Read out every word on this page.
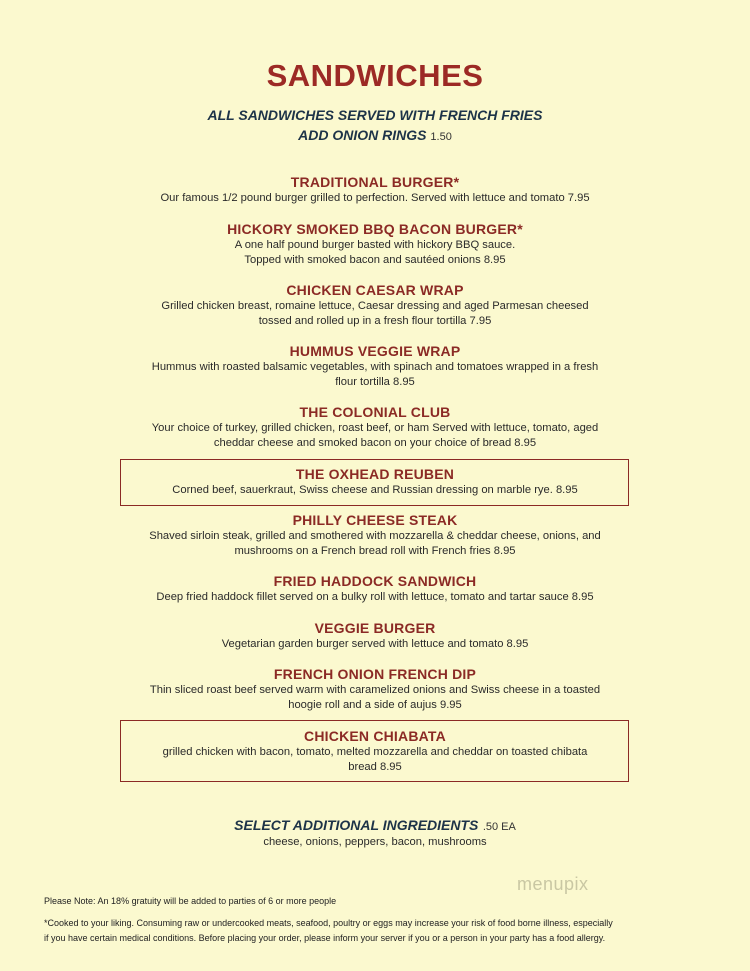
SANDWICHES
ALL SANDWICHES SERVED WITH FRENCH FRIES
ADD ONION RINGS 1.50
TRADITIONAL BURGER*
Our famous 1/2 pound burger grilled to perfection. Served with lettuce and tomato 7.95
HICKORY SMOKED BBQ BACON BURGER*
A one half pound burger basted with hickory BBQ sauce.
Topped with smoked bacon and sautéed onions 8.95
CHICKEN CAESAR WRAP
Grilled chicken breast, romaine lettuce, Caesar dressing and aged Parmesan cheesed
tossed and rolled up in a fresh flour tortilla 7.95
HUMMUS VEGGIE WRAP
Hummus with roasted balsamic vegetables, with spinach and tomatoes wrapped in a fresh
flour tortilla 8.95
THE COLONIAL CLUB
Your choice of turkey, grilled chicken, roast beef, or ham Served with lettuce, tomato, aged
cheddar cheese and smoked bacon on your choice of bread 8.95
THE OXHEAD REUBEN
Corned beef, sauerkraut, Swiss cheese and Russian dressing on marble rye. 8.95
PHILLY CHEESE STEAK
Shaved sirloin steak, grilled and smothered with mozzarella & cheddar cheese, onions, and
mushrooms on a French bread roll with French fries 8.95
FRIED HADDOCK SANDWICH
Deep fried haddock fillet served on a bulky roll with lettuce, tomato and tartar sauce 8.95
VEGGIE BURGER
Vegetarian garden burger served with lettuce and tomato 8.95
FRENCH ONION FRENCH DIP
Thin sliced roast beef served warm with caramelized onions and Swiss cheese in a toasted
hoogie roll and a side of aujus 9.95
CHICKEN CHIABATA
grilled chicken with bacon, tomato, melted mozzarella and cheddar on toasted chibata
bread 8.95
SELECT ADDITIONAL INGREDIENTS .50 EA
cheese, onions, peppers, bacon, mushrooms
menupix
Please Note: An 18% gratuity will be added to parties of 6 or more people
*Cooked to your liking. Consuming raw or undercooked meats, seafood, poultry or eggs may increase your risk of food borne illness, especially
if you have certain medical conditions. Before placing your order, please inform your server if you or a person in your party has a food allergy.
